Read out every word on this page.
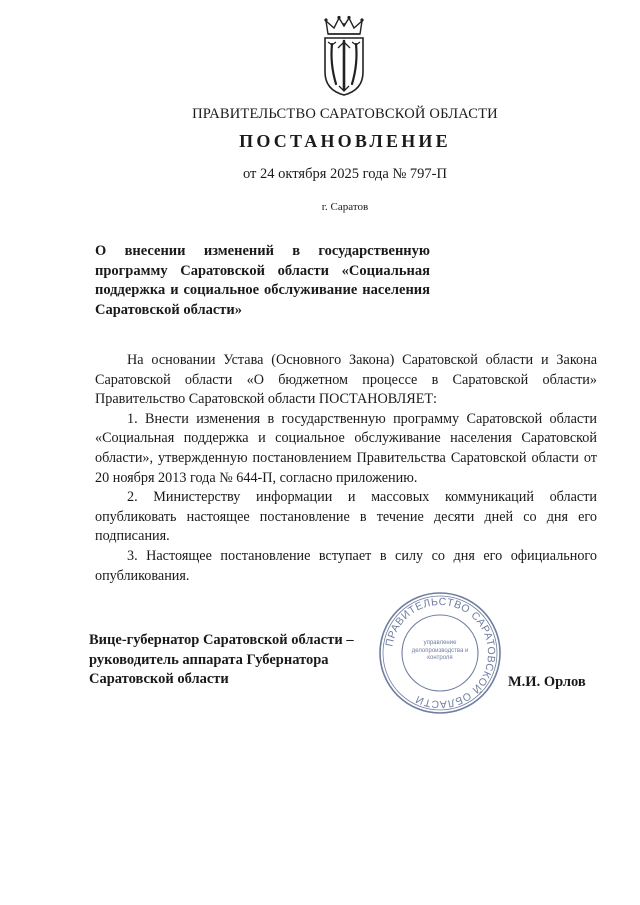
ПРАВИТЕЛЬСТВО САРАТОВСКОЙ ОБЛАСТИ
ПОСТАНОВЛЕНИЕ
от 24 октября 2025 года № 797-П
г. Саратов
О внесении изменений в государственную программу Саратовской области «Социальная поддержка и социальное обслуживание населения Саратовской области»

На основании Устава (Основного Закона) Саратовской области и Закона Саратовской области «О бюджетном процессе в Саратовской области» Правительство Саратовской области ПОСТАНОВЛЯЕТ:

1. Внести изменения в государственную программу Саратовской области «Социальная поддержка и социальное обслуживание населения Саратовской области», утвержденную постановлением Правительства Саратовской области от 20 ноября 2013 года № 644-П, согласно приложению.

2. Министерству информации и массовых коммуникаций области опубликовать настоящее постановление в течение десяти дней со дня его подписания.

3. Настоящее постановление вступает в силу со дня его официального опубликования.

ПРАВИТЕЛЬСТВО САРАТОВСКОЙ ОБЛАСТИ
управление делопроизводства и контроля
Вице-губернатор Саратовской области – руководитель аппарата Губернатора Саратовской области	М.И. Орлов
